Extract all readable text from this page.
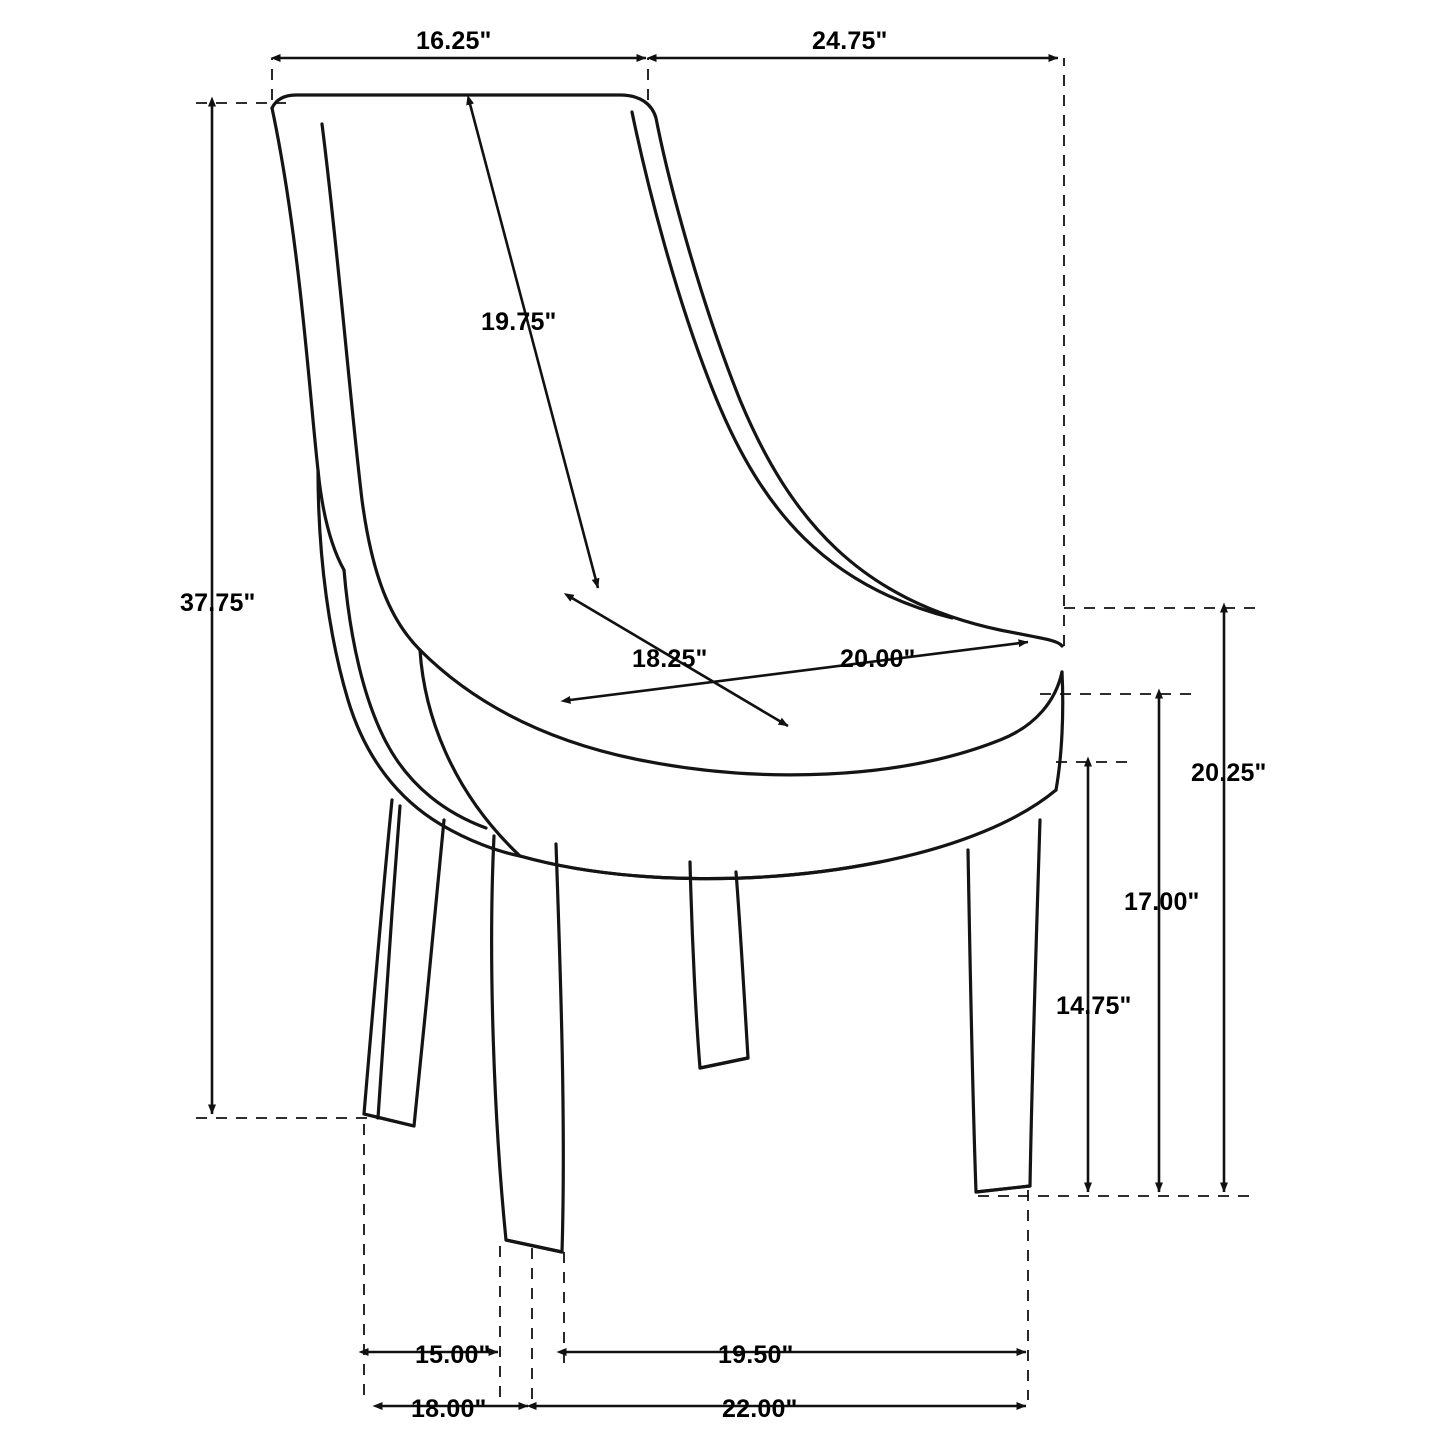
16.25"	24.75"
19.75"
37.75"
18.25"	20.00"
20.25"
17.00"
14.75"
15.00"	19.50"
18.00"	22.00"
